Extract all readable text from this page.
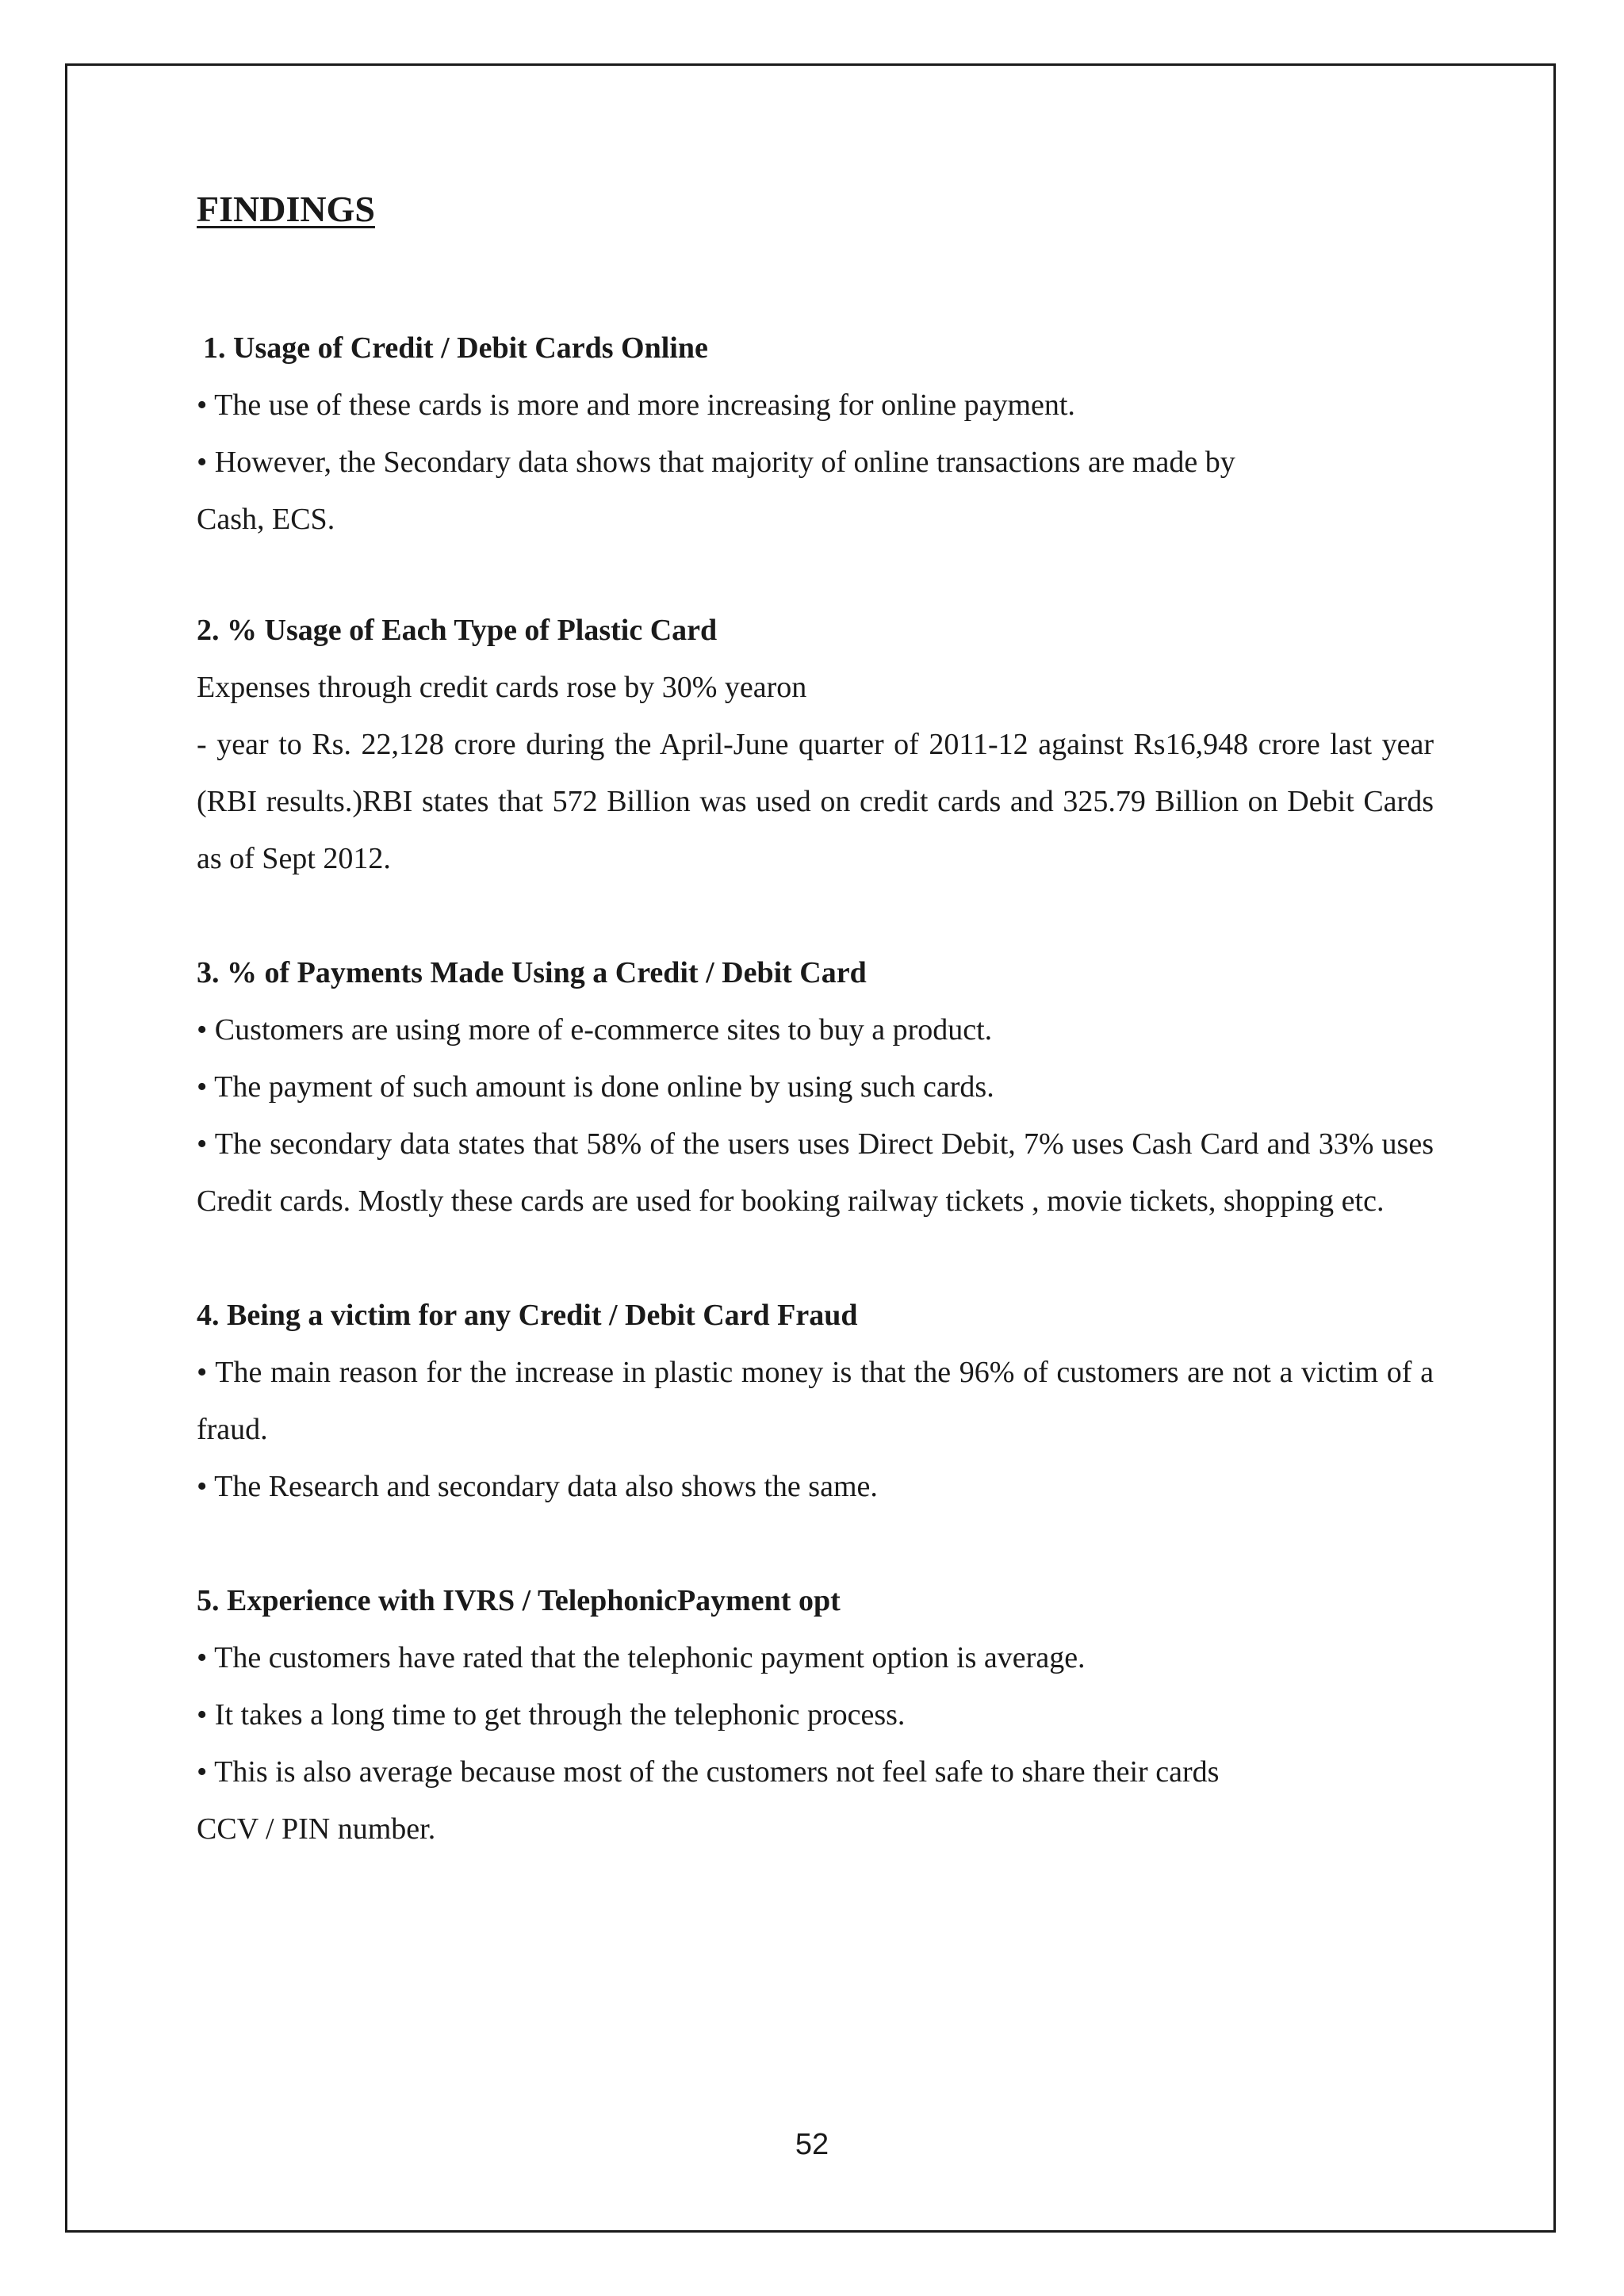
FINDINGS

1. Usage of Credit / Debit Cards Online

• The use of these cards is more and more increasing for online payment.

• However, the Secondary data shows that majority of online transactions are made by

Cash, ECS.

2. % Usage of Each Type of Plastic Card

Expenses through credit cards rose by 30% yearon

- year to Rs. 22,128 crore during the April-June quarter of 2011-12 against Rs16,948 crore last year (RBI results.)RBI states that 572 Billion was used on credit cards and 325.79 Billion on Debit Cards as of Sept 2012.

3. % of Payments Made Using a Credit / Debit Card

• Customers are using more of e-commerce sites to buy a product.

• The payment of such amount is done online by using such cards.

• The secondary data states that 58% of the users uses Direct Debit, 7% uses Cash Card and 33% uses Credit cards. Mostly these cards are used for booking railway tickets , movie tickets, shopping etc.

4. Being a victim for any Credit / Debit Card Fraud

• The main reason for the increase in plastic money is that the 96% of customers are not a victim of a fraud.

• The Research and secondary data also shows the same.

5. Experience with IVRS / TelephonicPayment opt

• The customers have rated that the telephonic payment option is average.

• It takes a long time to get through the telephonic process.

• This is also average because most of the customers not feel safe to share their cards

CCV / PIN number.

52
